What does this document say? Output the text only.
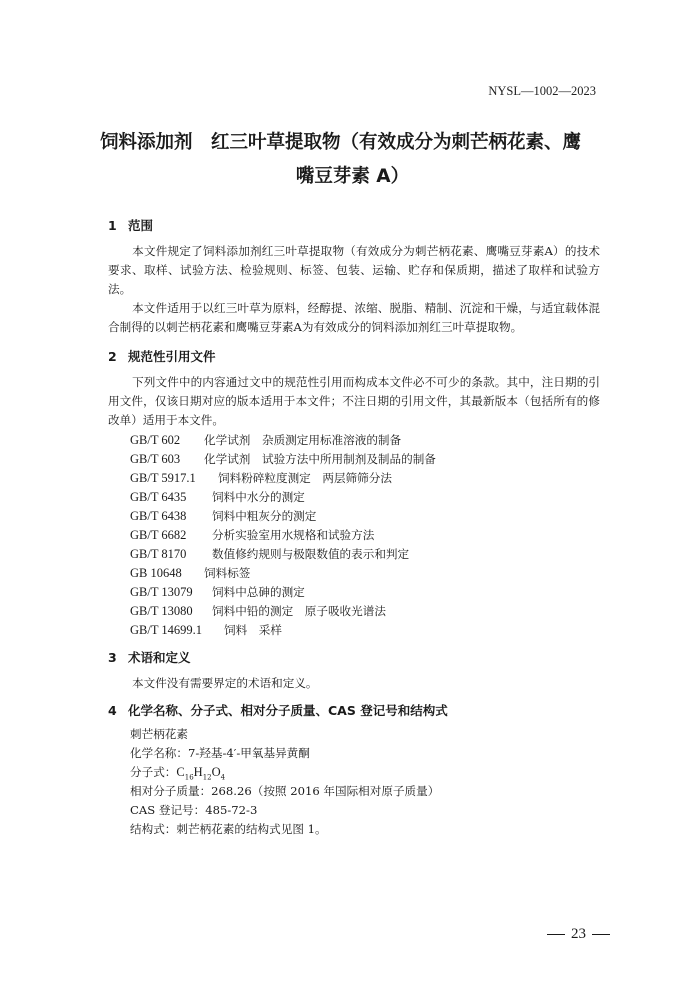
NYSL—1002—2023
饲料添加剂　红三叶草提取物（有效成分为刺芒柄花素、鹰
嘴豆芽素 A）
1 范围
本文件规定了饲料添加剂红三叶草提取物（有效成分为刺芒柄花素、鹰嘴豆芽素A）的技术要求、取样、试验方法、检验规则、标签、包装、运输、贮存和保质期，描述了取样和试验方法。
本文件适用于以红三叶草为原料，经醇提、浓缩、脱脂、精制、沉淀和干燥，与适宜载体混合制得的以刺芒柄花素和鹰嘴豆芽素A为有效成分的饲料添加剂红三叶草提取物。
2 规范性引用文件
下列文件中的内容通过文中的规范性引用而构成本文件必不可少的条款。其中，注日期的引用文件，仅该日期对应的版本适用于本文件；不注日期的引用文件，其最新版本（包括所有的修改单）适用于本文件。
GB/T 602 化学试剂　杂质测定用标准溶液的制备
GB/T 603 化学试剂　试验方法中所用制剂及制品的制备
GB/T 5917.1 饲料粉碎粒度测定　两层筛筛分法
GB/T 6435 饲料中水分的测定
GB/T 6438 饲料中粗灰分的测定
GB/T 6682 分析实验室用水规格和试验方法
GB/T 8170 数值修约规则与极限数值的表示和判定
GB 10648 饲料标签
GB/T 13079 饲料中总砷的测定
GB/T 13080 饲料中铅的测定　原子吸收光谱法
GB/T 14699.1 饲料　采样
3 术语和定义
本文件没有需要界定的术语和定义。
4 化学名称、分子式、相对分子质量、CAS 登记号和结构式
刺芒柄花素
化学名称：7-羟基-4′-甲氧基异黄酮
分子式：$C_{16}H_{12}O_4$
相对分子质量：268.26（按照 2016 年国际相对原子质量）
CAS 登记号：485-72-3
结构式：刺芒柄花素的结构式见图 1。
23
